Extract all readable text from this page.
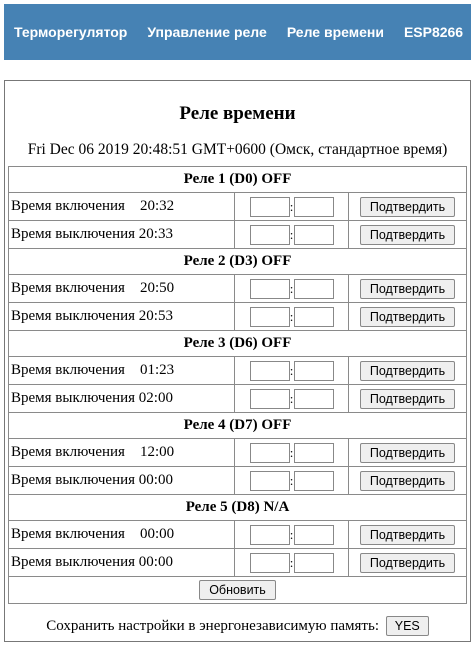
Терморегулятор	Управление реле	Реле времени	ESP8266
Реле времени
Fri Dec 06 2019 20:48:51 GMT+0600 (Омск, стандартное время)
Реле 1 (D0) OFF		
Время включения 20:32	:	Подтвердить
Время выключения 20:33	:	Подтвердить
Реле 2 (D3) OFF		
Время включения 20:50	:	Подтвердить
Время выключения 20:53	:	Подтвердить
Реле 3 (D6) OFF		
Время включения 01:23	:	Подтвердить
Время выключения 02:00	:	Подтвердить
Реле 4 (D7) OFF		
Время включения 12:00	:	Подтвердить
Время выключения 00:00	:	Подтвердить
Реле 5 (D8) N/A		
Время включения 00:00	:	Подтвердить
Время выключения 00:00	:	Подтвердить
Обновить		
Сохранить настройки в энергонезависимую память: YES
